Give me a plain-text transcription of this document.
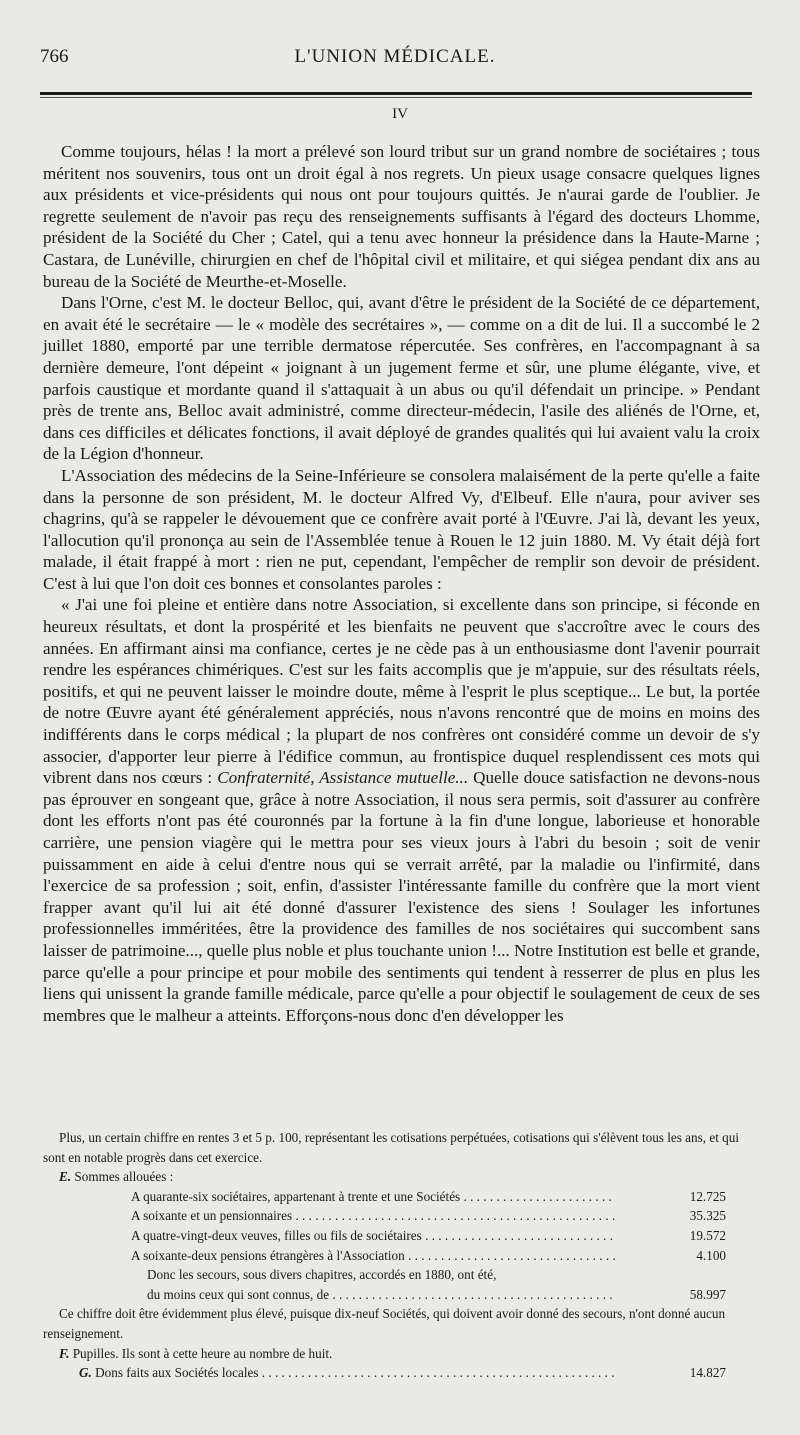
766	L'UNION MÉDICALE.
IV

Comme toujours, hélas ! la mort a prélevé son lourd tribut sur un grand nombre de sociétaires ; tous méritent nos souvenirs, tous ont un droit égal à nos regrets. Un pieux usage consacre quelques lignes aux présidents et vice-présidents qui nous ont pour toujours quittés. Je n'aurai garde de l'oublier. Je regrette seulement de n'avoir pas reçu des renseignements suffisants à l'égard des docteurs Lhomme, président de la Société du Cher ; Catel, qui a tenu avec honneur la présidence dans la Haute-Marne ; Castara, de Lunéville, chirurgien en chef de l'hôpital civil et militaire, et qui siégea pendant dix ans au bureau de la Société de Meurthe-et-Moselle.

Dans l'Orne, c'est M. le docteur Belloc, qui, avant d'être le président de la Société de ce département, en avait été le secrétaire — le « modèle des secrétaires », — comme on a dit de lui. Il a succombé le 2 juillet 1880, emporté par une terrible dermatose répercutée. Ses confrères, en l'accompagnant à sa dernière demeure, l'ont dépeint « joignant à un jugement ferme et sûr, une plume élégante, vive, et parfois caustique et mordante quand il s'attaquait à un abus ou qu'il défendait un principe. » Pendant près de trente ans, Belloc avait administré, comme directeur-médecin, l'asile des aliénés de l'Orne, et, dans ces difficiles et délicates fonctions, il avait déployé de grandes qualités qui lui avaient valu la croix de la Légion d'honneur.

L'Association des médecins de la Seine-Inférieure se consolera malaisément de la perte qu'elle a faite dans la personne de son président, M. le docteur Alfred Vy, d'Elbeuf. Elle n'aura, pour aviver ses chagrins, qu'à se rappeler le dévouement que ce confrère avait porté à l'Œuvre. J'ai là, devant les yeux, l'allocution qu'il prononça au sein de l'Assemblée tenue à Rouen le 12 juin 1880. M. Vy était déjà fort malade, il était frappé à mort : rien ne put, cependant, l'empêcher de remplir son devoir de président. C'est à lui que l'on doit ces bonnes et consolantes paroles :

« J'ai une foi pleine et entière dans notre Association, si excellente dans son principe, si féconde en heureux résultats, et dont la prospérité et les bienfaits ne peuvent que s'accroître avec le cours des années. En affirmant ainsi ma confiance, certes je ne cède pas à un enthousiasme dont l'avenir pourrait rendre les espérances chimériques. C'est sur les faits accomplis que je m'appuie, sur des résultats réels, positifs, et qui ne peuvent laisser le moindre doute, même à l'esprit le plus sceptique... Le but, la portée de notre Œuvre ayant été généralement appréciés, nous n'avons rencontré que de moins en moins des indifférents dans le corps médical ; la plupart de nos confrères ont considéré comme un devoir de s'y associer, d'apporter leur pierre à l'édifice commun, au frontispice duquel resplendissent ces mots qui vibrent dans nos cœurs : Confraternité, Assistance mutuelle... Quelle douce satisfaction ne devons-nous pas éprouver en songeant que, grâce à notre Association, il nous sera permis, soit d'assurer au confrère dont les efforts n'ont pas été couronnés par la fortune à la fin d'une longue, laborieuse et honorable carrière, une pension viagère qui le mettra pour ses vieux jours à l'abri du besoin ; soit de venir puissamment en aide à celui d'entre nous qui se verrait arrêté, par la maladie ou l'infirmité, dans l'exercice de sa profession ; soit, enfin, d'assister l'intéressante famille du confrère que la mort vient frapper avant qu'il lui ait été donné d'assurer l'existence des siens ! Soulager les infortunes professionnelles imméritées, être la providence des familles de nos sociétaires qui succombent sans laisser de patrimoine..., quelle plus noble et plus touchante union !... Notre Institution est belle et grande, parce qu'elle a pour principe et pour mobile des sentiments qui tendent à resserrer de plus en plus les liens qui unissent la grande famille médicale, parce qu'elle a pour objectif le soulagement de ceux de ses membres que le malheur a atteints. Efforçons-nous donc d'en développer les

Plus, un certain chiffre en rentes 3 et 5 p. 100, représentant les cotisations perpétuées, cotisations qui s'élèvent tous les ans, et qui sont en notable progrès dans cet exercice.

E. Sommes allouées :

A quarante-six sociétaires, appartenant à trente et une Sociétés . . .	12.725
A soixante et un pensionnaires . . .	35.325
A quatre-vingt-deux veuves, filles ou fils de sociétaires . . .	19.572
A soixante-deux pensions étrangères à l'Association . . .	4.100
Donc les secours, sous divers chapitres, accordés en 1880, ont été,
du moins ceux qui sont connus, de . . .	58.997

Ce chiffre doit être évidemment plus élevé, puisque dix-neuf Sociétés, qui doivent avoir donné des secours, n'ont donné aucun renseignement.

F. Pupilles. Ils sont à cette heure au nombre de huit.

G. Dons faits aux Sociétés locales . . .	14.827
